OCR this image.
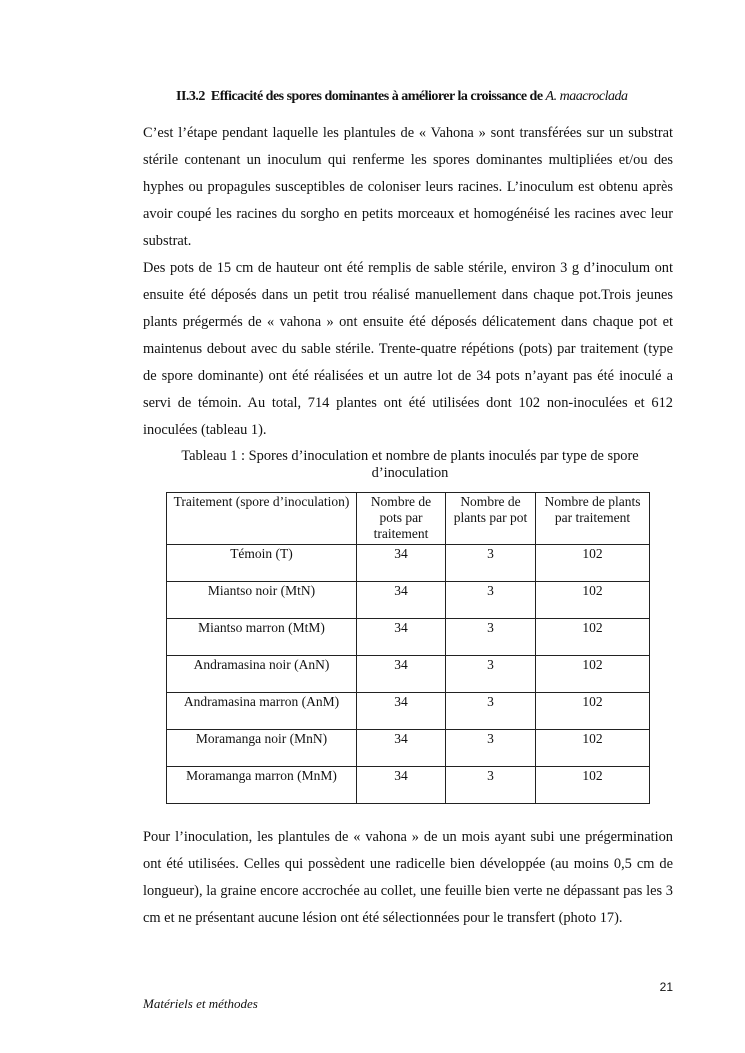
II.3.2 Efficacité des spores dominantes à améliorer la croissance de A. maacroclada

C’est l’étape pendant laquelle les plantules de « Vahona » sont transférées sur un substrat stérile contenant un inoculum qui renferme les spores dominantes multipliées et/ou des hyphes ou propagules susceptibles de coloniser leurs racines. L’inoculum est obtenu après avoir coupé les racines du sorgho en petits morceaux et homogénéisé les racines avec leur substrat.

Des pots de 15 cm de hauteur ont été remplis de sable stérile, environ 3 g d’inoculum ont ensuite été déposés dans un petit trou réalisé manuellement dans chaque pot.Trois jeunes plants prégermés de « vahona » ont ensuite été déposés délicatement dans chaque pot et maintenus debout avec du sable stérile. Trente-quatre répétions (pots) par traitement (type de spore dominante) ont été réalisées et un autre lot de 34 pots n’ayant pas été inoculé a servi de témoin. Au total, 714 plantes ont été utilisées dont 102 non-inoculées et 612 inoculées (tableau 1).

Tableau 1 : Spores d’inoculation et nombre de plants inoculés par type de spore d’inoculation
Traitement (spore d’inoculation)	Nombre de pots par traitement	Nombre de plants par pot	Nombre de plants par traitement
Témoin (T)	34	3	102
Miantso noir (MtN)	34	3	102
Miantso marron (MtM)	34	3	102
Andramasina noir (AnN)	34	3	102
Andramasina marron (AnM)	34	3	102
Moramanga noir (MnN)	34	3	102
Moramanga marron (MnM)	34	3	102

Pour l’inoculation, les plantules de « vahona » de un mois ayant subi une prégermination ont été utilisées. Celles qui possèdent une radicelle bien développée (au moins 0,5 cm de longueur), la graine encore accrochée au collet, une feuille bien verte ne dépassant pas les 3 cm et ne présentant aucune lésion ont été sélectionnées pour le transfert (photo 17).

21
Matériels et méthodes
